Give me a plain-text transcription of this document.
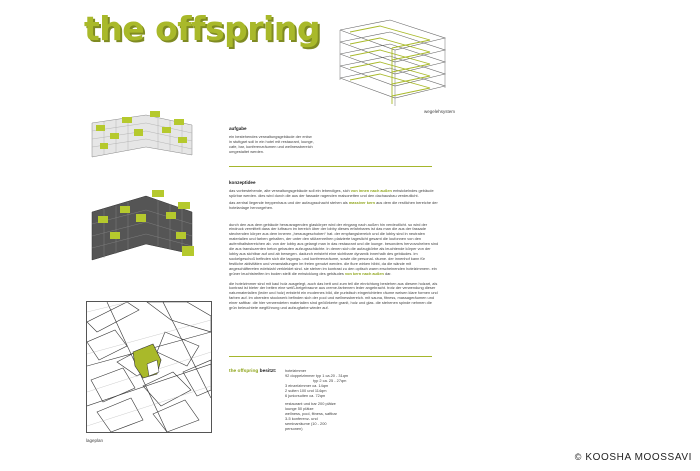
the offspring
wegelehsystem
aufgabe
ein bestehendes verwaltungsgebäude der enbw
in stuttgart soll in ein hotel mit restaurant, lounge,
cafe, bar, konferenzräumen und wellnessbereich
umgestaltet werden.
konzeptidee

das vorbestehende, alte verwaltungsgebäude soll ein lebendiges, sich von innen nach außen entwickelndes gebäude spürbar werden. dies wird durch die aus der fassade ragenden maisonetten und den dachausbau verdeutlicht.

das zentral liegende treppenhaus und der aufzugsschacht stehen als massiver kern aus dem die restlichen bereiche der hotelanlage hervorgehen.

durch den aus dem gebäude herausragenden glaskörper wird der eingang nach außen hin verdeutlicht. so wird der eindruck vermittelt dass der luftraum im bereich über der lobby dieses erfahrbares ist das man die aus der fassade stechenden körper aus dem inneren „herausgeschoben“ hat. der empfangsbereich und die lobby sind in neutralen materialien und farben gehalten, der unter den stützenreihen platzierte tageslicht gesamt die loufonnen von den aufenthaltsbereichen ab. von der lobby aus gelangt man in das restaurant und die lounge. besonders hervorzuheben sind die aus transluzenten beton gebauten aufzugsschächte. in denen sich die aufzugkörbe als leuchtende körper von der lobby aus sichtbar auf und ab bewegen. dadurch entsteht eine sichtbare dynamik innerhalb des gebäudes. im sockelgeschoß befinden sich die tagungs- und konferenzräume, sowie die personal- räume. der innenhof kann für festliche aktivitäten und veranstaltungen im freien genutzt werden. die flure wirken hibbi, da die wände mit angeschäftereten edelstahl verkleidet sind. sie stehen im kontrast zu den optisch warm erscheinenden hotelzimmern. ein grüner leuchtstreifen im boden stellt die entwicklung des gebäudes von kern nach außen dar.

die hotelzimmer sind mit kaul holz ausgelegt, auch das bett und zum teil die einrichtung bestehen aus diesem holzart, als kontrast ist bieter der beiten eine weiß-beigebraune aus creme-farbenem leder angebracht. trotz der verwendung dieser naturmaterialien (leder und holz) entsteht ein modernes bild, die puristisch eingerichteten räume weisen klare formen und farben auf. im obersten stockwerk befinden sich der pool und wellnessbereich. mit sauna, fitness, massageräumen und einer saftbar. die hier verwendeten materialien sind geölörkerte granit, holz und glas. die stehenen spinde nehmen die grün beleuchtete wegführung und aufzugfarbe wieder auf.

lageplan
the offspring besitzt: hotelzimmer
92 doppelzimmer typ 1 ca.20 - 31qm
typ 2 ca. 25 - 27qm
3 einzelzimmer ca. 14qm
2 suiten 100 und 114qm
6 juniorsuiten ca. 72qm
restaurant und bar 200 plätze
lounge 50 plätze
wellness, pool, fitness, saftbar
3-5 konferenz- und
seminarräume (10 - 200
personen)
© KOOSHA MOOSSAVI
